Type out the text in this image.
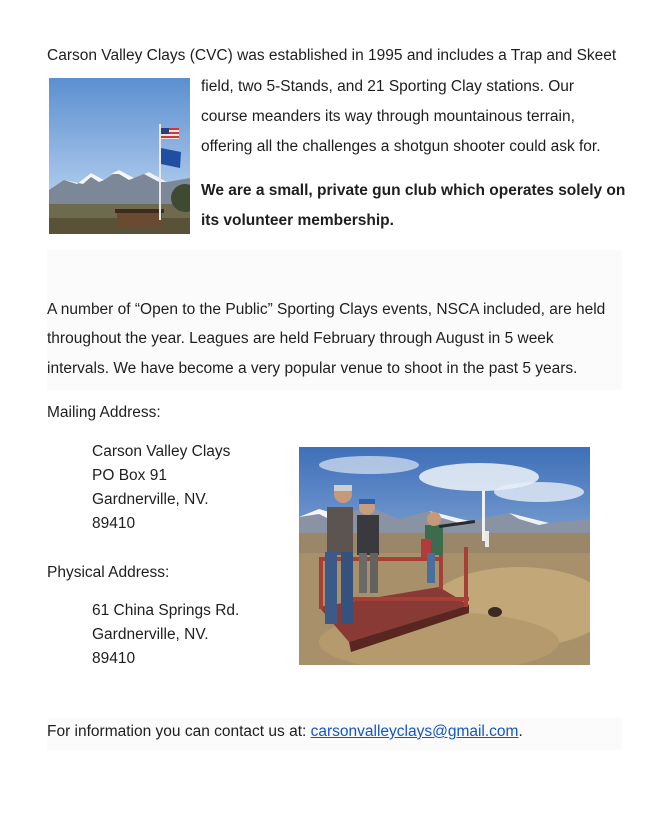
Carson Valley Clays (CVC) was established in 1995 and includes a Trap and Skeet
field, two 5-Stands, and 21 Sporting Clay stations. Our
course meanders its way through mountainous terrain,
offering all the challenges a shotgun shooter could ask for.
We are a small, private gun club which operates solely on
its volunteer membership.
A number of “Open to the Public” Sporting Clays events, NSCA included, are held
throughout the year. Leagues are held February through August in 5 week
intervals. We have become a very popular venue to shoot in the past 5 years.
Mailing Address:
Carson Valley Clays
PO Box 91
Gardnerville, NV.
89410
Physical Address:
61 China Springs Rd.
Gardnerville, NV.
89410
For information you can contact us at: carsonvalleyclays@gmail.com.
